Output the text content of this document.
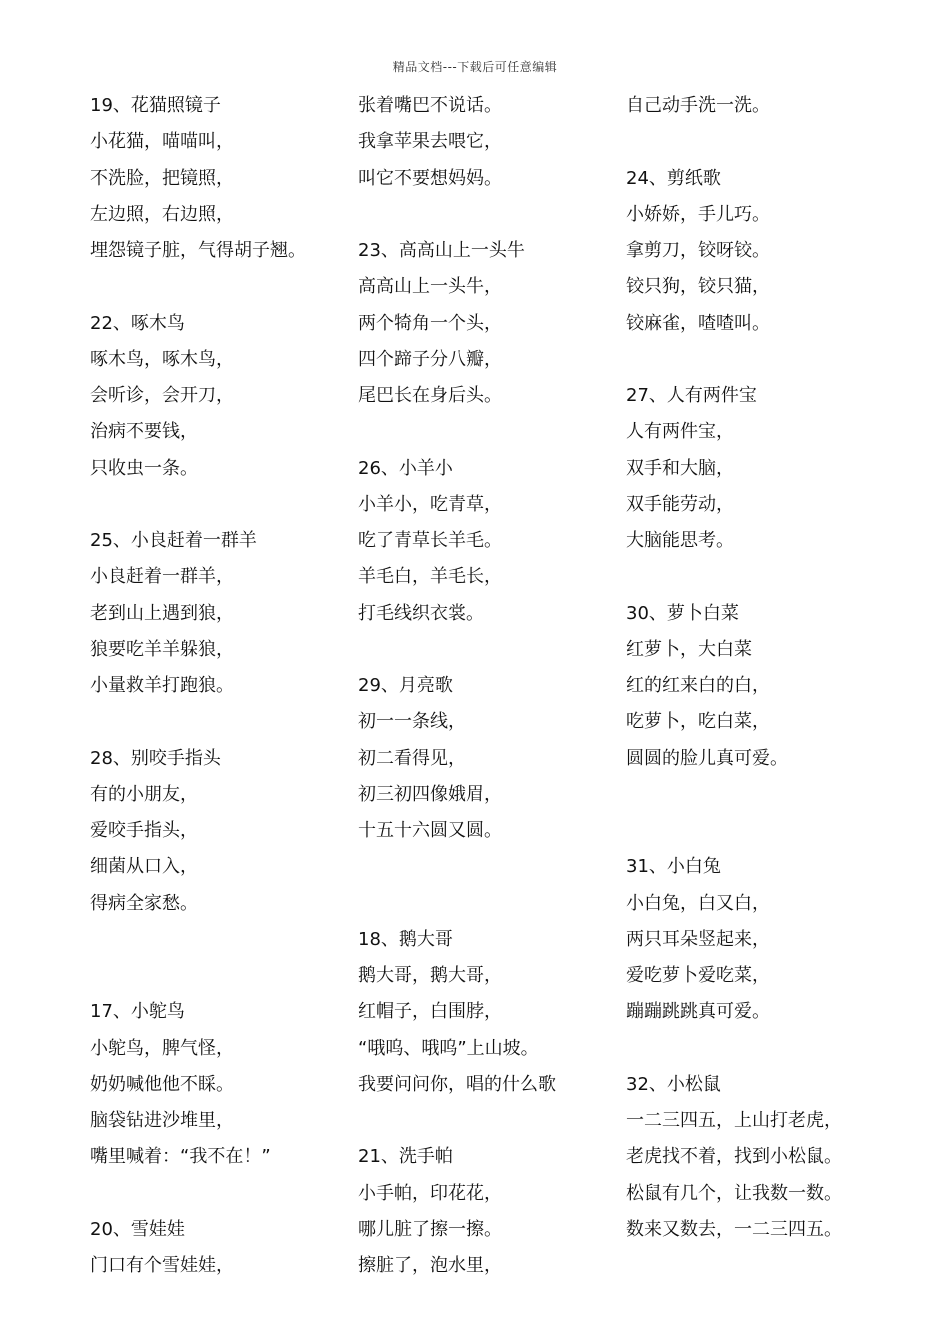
精品文档---下载后可任意编辑
19、花猫照镜子
小花猫，喵喵叫，
不洗脸，把镜照，
左边照，右边照，
埋怨镜子脏，气得胡子翘。
22、啄木鸟
啄木鸟，啄木鸟，
会听诊，会开刀，
治病不要钱，
只收虫一条。
25、小良赶着一群羊
小良赶着一群羊，
老到山上遇到狼，
狼要吃羊羊躲狼，
小量救羊打跑狼。
28、别咬手指头
有的小朋友，
爱咬手指头，
细菌从口入，
得病全家愁。
17、小鸵鸟
小鸵鸟，脾气怪，
奶奶喊他他不睬。
脑袋钻进沙堆里，
嘴里喊着：“我不在！”
20、雪娃娃
门口有个雪娃娃，
张着嘴巴不说话。
我拿苹果去喂它，
叫它不要想妈妈。
23、高高山上一头牛
高高山上一头牛，
两个犄角一个头，
四个蹄子分八瓣，
尾巴长在身后头。
26、小羊小
小羊小，吃青草，
吃了青草长羊毛。
羊毛白，羊毛长，
打毛线织衣裳。
29、月亮歌
初一一条线，
初二看得见，
初三初四像娥眉，
十五十六圆又圆。
18、鹅大哥
鹅大哥，鹅大哥，
红帽子，白围脖，
“哦呜、哦呜”上山坡。
我要问问你，唱的什么歌
21、洗手帕
小手帕，印花花，
哪儿脏了擦一擦。
擦脏了，泡水里，
自己动手洗一洗。
24、剪纸歌
小娇娇，手儿巧。
拿剪刀，铰呀铰。
铰只狗，铰只猫，
铰麻雀，喳喳叫。
27、人有两件宝
人有两件宝，
双手和大脑，
双手能劳动，
大脑能思考。
30、萝卜白菜
红萝卜，大白菜
红的红来白的白，
吃萝卜，吃白菜，
圆圆的脸儿真可爱。
31、小白兔
小白兔，白又白，
两只耳朵竖起来，
爱吃萝卜爱吃菜，
蹦蹦跳跳真可爱。
32、小松鼠
一二三四五，上山打老虎，
老虎找不着，找到小松鼠。
松鼠有几个，让我数一数。
数来又数去，一二三四五。
